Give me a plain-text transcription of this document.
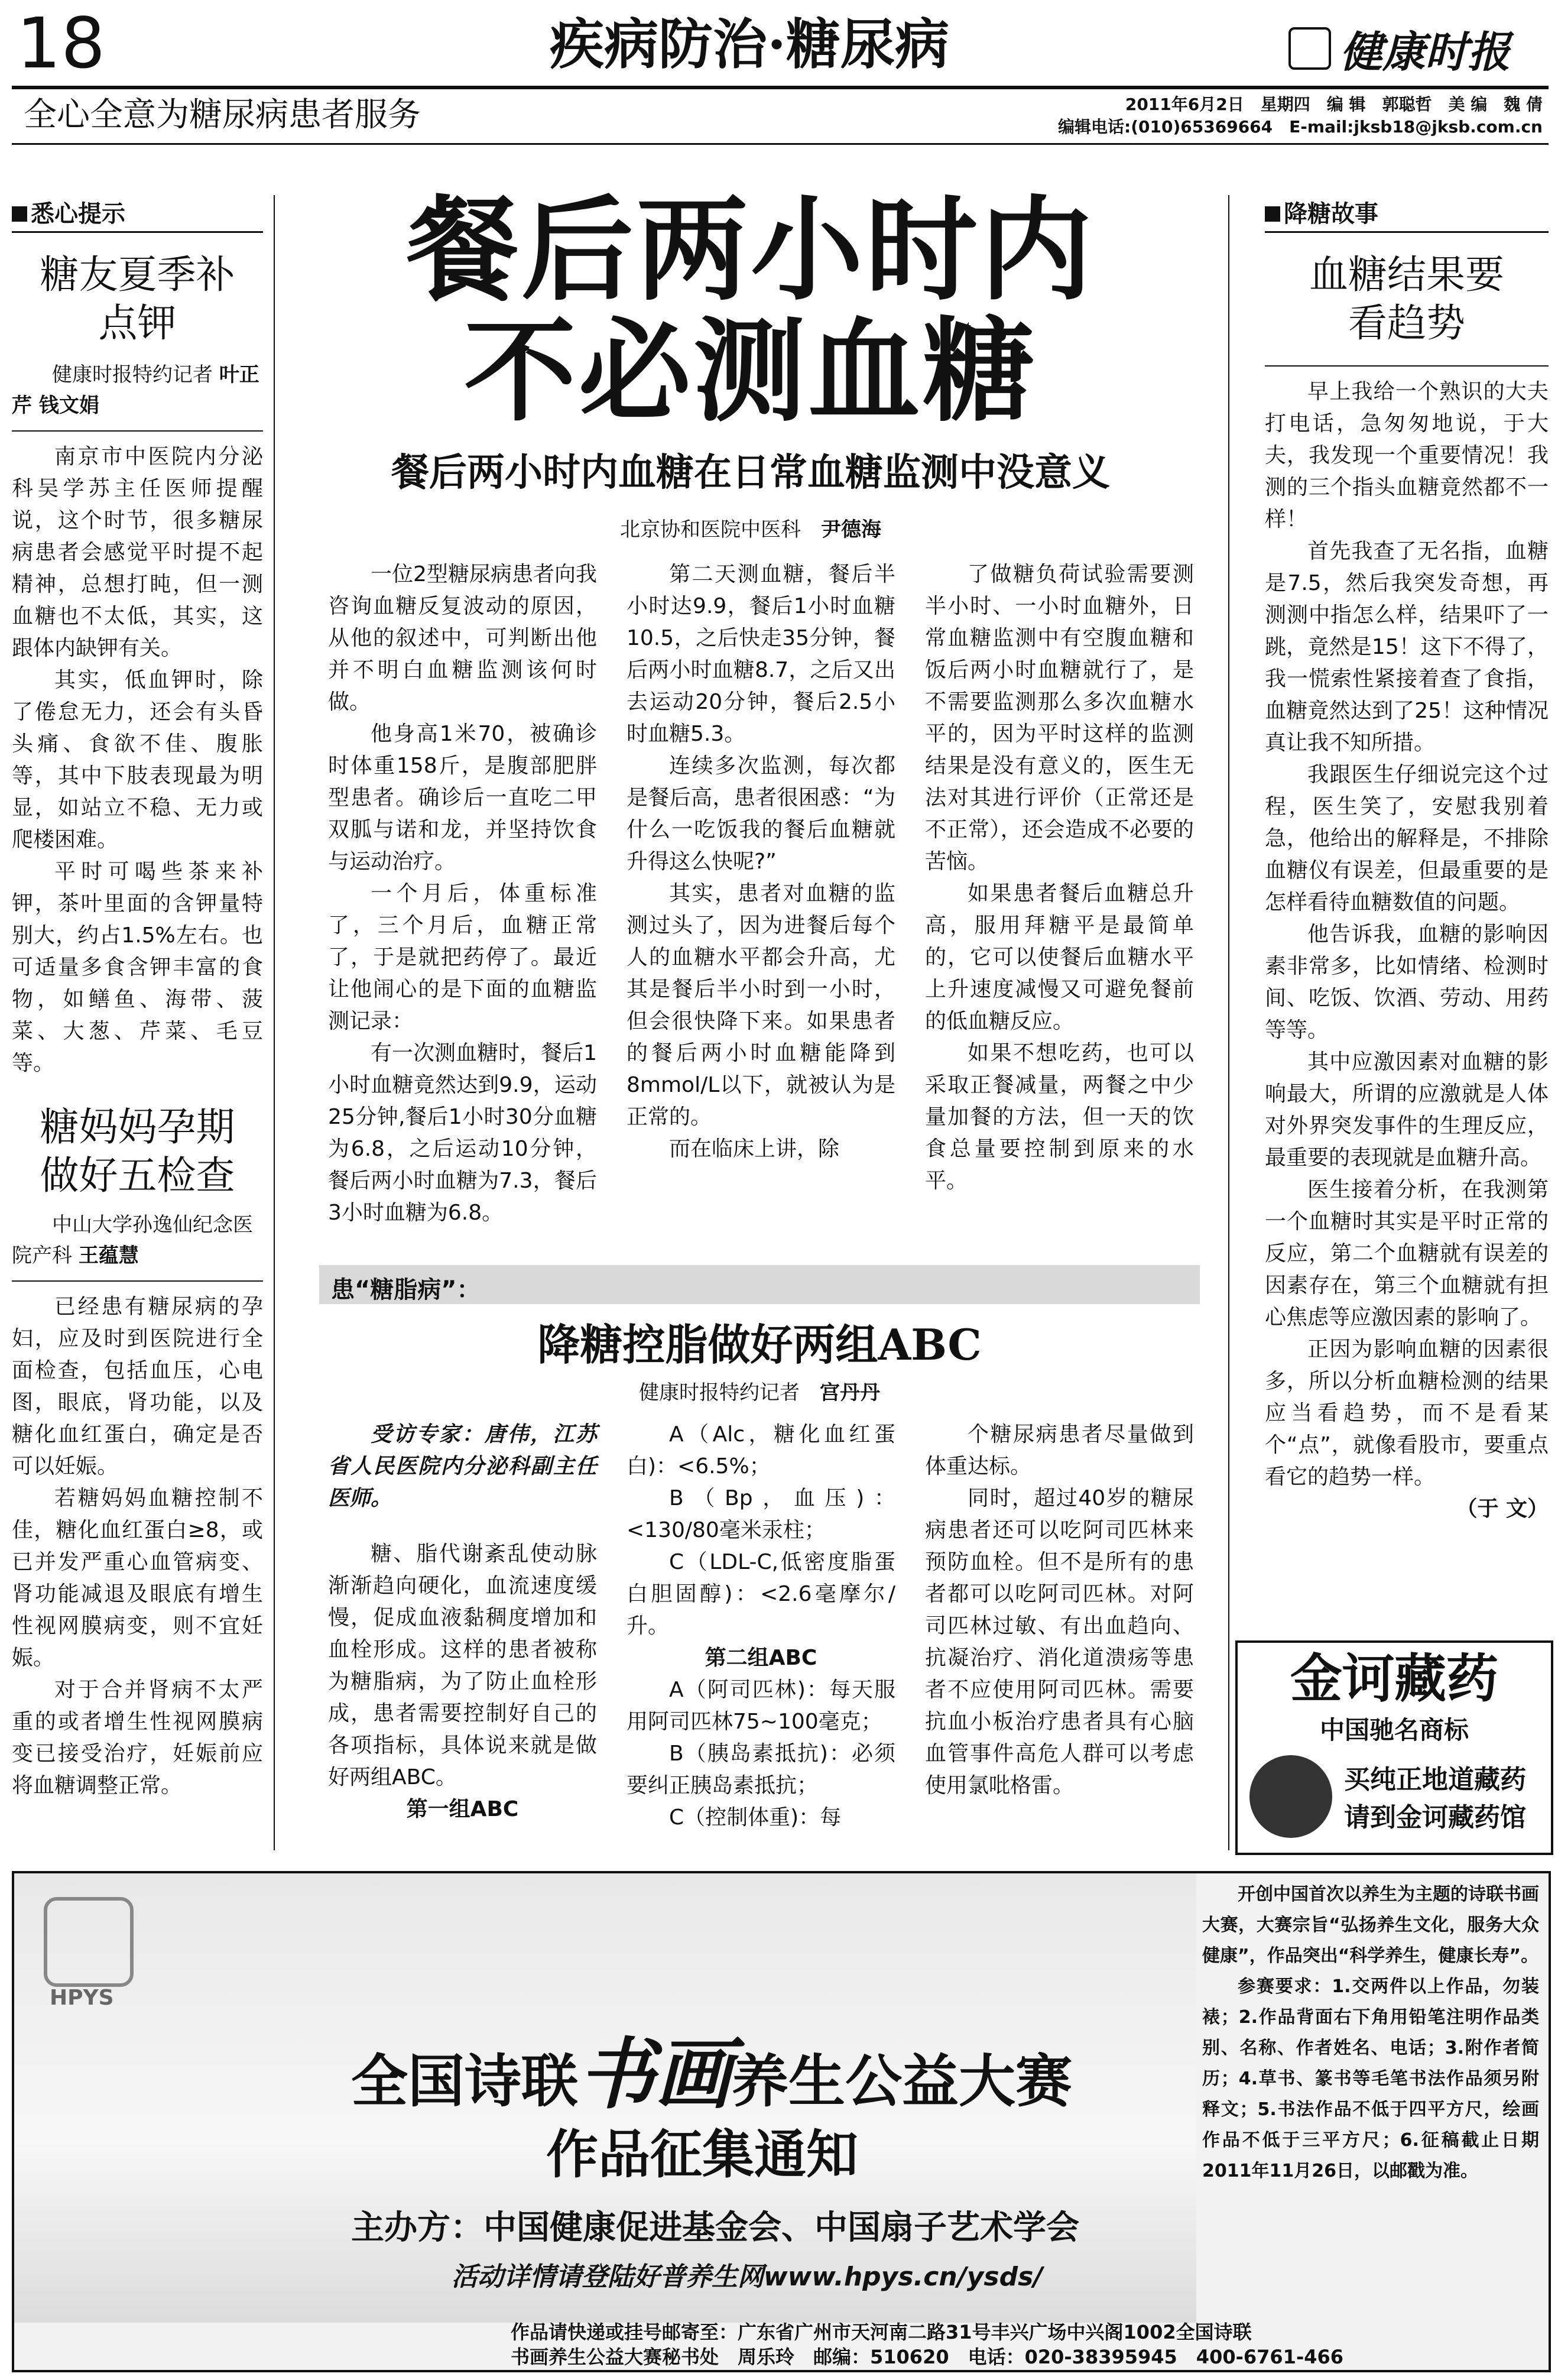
18	疾病防治·糖尿病	健康时报
全心全意为糖尿病患者服务	2011年6月2日　星期四　编 辑　郭聪哲　美 编　魏 倩
编辑电话:(010)65369664　E-mail:jksb18@jksb.com.cn
悉心提示
糖友夏季补点钾
健康时报特约记者 叶正芹 钱文娟

南京市中医院内分泌科吴学苏主任医师提醒说，这个时节，很多糖尿病患者会感觉平时提不起精神，总想打盹，但一测血糖也不太低，其实，这跟体内缺钾有关。

其实，低血钾时，除了倦怠无力，还会有头昏头痛、食欲不佳、腹胀等，其中下肢表现最为明显，如站立不稳、无力或爬楼困难。

平时可喝些茶来补钾，茶叶里面的含钾量特别大，约占1.5%左右。也可适量多食含钾丰富的食物，如鳝鱼、海带、菠菜、大葱、芹菜、毛豆等。

糖妈妈孕期做好五检查
中山大学孙逸仙纪念医院产科 王蕴慧

已经患有糖尿病的孕妇，应及时到医院进行全面检查，包括血压，心电图，眼底，肾功能，以及糖化血红蛋白，确定是否可以妊娠。

若糖妈妈血糖控制不佳，糖化血红蛋白≥8，或已并发严重心血管病变、肾功能减退及眼底有增生性视网膜病变，则不宜妊娠。

对于合并肾病不太严重的或者增生性视网膜病变已接受治疗，妊娠前应将血糖调整正常。

餐后两小时内
不必测血糖
餐后两小时内血糖在日常血糖监测中没意义
北京协和医院中医科　 尹德海

一位2型糖尿病患者向我咨询血糖反复波动的原因，从他的叙述中，可判断出他并不明白血糖监测该何时做。

他身高1米70，被确诊时体重158斤，是腹部肥胖型患者。确诊后一直吃二甲双胍与诺和龙，并坚持饮食与运动治疗。

一个月后，体重标准了，三个月后，血糖正常了，于是就把药停了。最近让他闹心的是下面的血糖监测记录：

有一次测血糖时，餐后1小时血糖竟然达到9.9，运动25分钟,餐后1小时30分血糖为6.8，之后运动10分钟，餐后两小时血糖为7.3，餐后3小时血糖为6.8。

第二天测血糖，餐后半小时达9.9，餐后1小时血糖10.5，之后快走35分钟，餐后两小时血糖8.7，之后又出去运动20分钟，餐后2.5小时血糖5.3。

连续多次监测，每次都是餐后高，患者很困惑：“为什么一吃饭我的餐后血糖就升得这么快呢?”

其实，患者对血糖的监测过头了，因为进餐后每个人的血糖水平都会升高，尤其是餐后半小时到一小时，但会很快降下来。如果患者的餐后两小时血糖能降到8mmol/L以下，就被认为是正常的。

而在临床上讲，除

了做糖负荷试验需要测半小时、一小时血糖外，日常血糖监测中有空腹血糖和饭后两小时血糖就行了，是不需要监测那么多次血糖水平的，因为平时这样的监测结果是没有意义的，医生无法对其进行评价（正常还是不正常），还会造成不必要的苦恼。

如果患者餐后血糖总升高，服用拜糖平是最简单的，它可以使餐后血糖水平上升速度减慢又可避免餐前的低血糖反应。

如果不想吃药，也可以采取正餐减量，两餐之中少量加餐的方法，但一天的饮食总量要控制到原来的水平。

患“糖脂病”：
降糖控脂做好两组ABC
健康时报特约记者　 宫丹丹
受访专家：唐伟，江苏省人民医院内分泌科副主任医师。

糖、脂代谢紊乱使动脉渐渐趋向硬化，血流速度缓慢，促成血液黏稠度增加和血栓形成。这样的患者被称为糖脂病，为了防止血栓形成，患者需要控制好自己的各项指标，具体说来就是做好两组ABC。

第一组ABC

A（Alc，糖化血红蛋白)：<6.5%；

B（Bp，血压)：<130/80毫米汞柱；

C（LDL-C,低密度脂蛋白胆固醇)：<2.6毫摩尔/升。

第二组ABC

A（阿司匹林)：每天服用阿司匹林75~100毫克；

B（胰岛素抵抗)：必须要纠正胰岛素抵抗；

C（控制体重)：每

个糖尿病患者尽量做到体重达标。

同时，超过40岁的糖尿病患者还可以吃阿司匹林来预防血栓。但不是所有的患者都可以吃阿司匹林。对阿司匹林过敏、有出血趋向、抗凝治疗、消化道溃疡等患者不应使用阿司匹林。需要抗血小板治疗患者具有心脑血管事件高危人群可以考虑使用氯吡格雷。

降糖故事
血糖结果要看趋势

早上我给一个熟识的大夫打电话，急匆匆地说，于大夫，我发现一个重要情况！我测的三个指头血糖竟然都不一样！

首先我查了无名指，血糖是7.5，然后我突发奇想，再测测中指怎么样，结果吓了一跳，竟然是15！这下不得了，我一慌索性紧接着查了食指，血糖竟然达到了25！这种情况真让我不知所措。

我跟医生仔细说完这个过程，医生笑了，安慰我别着急，他给出的解释是，不排除血糖仪有误差，但最重要的是怎样看待血糖数值的问题。

他告诉我，血糖的影响因素非常多，比如情绪、检测时间、吃饭、饮酒、劳动、用药等等。

其中应激因素对血糖的影响最大，所谓的应激就是人体对外界突发事件的生理反应，最重要的表现就是血糖升高。

医生接着分析，在我测第一个血糖时其实是平时正常的反应，第二个血糖就有误差的因素存在，第三个血糖就有担心焦虑等应激因素的影响了。

正因为影响血糖的因素很多，所以分析血糖检测的结果应当看趋势，而不是看某个“点”，就像看股市，要重点看它的趋势一样。

（于 文）
金诃藏药
中国驰名商标
买纯正地道藏药
请到金诃藏药馆
HPYS
全国诗联书画养生公益大赛
作品征集通知
主办方：中国健康促进基金会、中国扇子艺术学会
活动详情请登陆好普养生网www.hpys.cn/ysds/
开创中国首次以养生为主题的诗联书画大赛，大赛宗旨“弘扬养生文化，服务大众健康”，作品突出“科学养生，健康长寿”。
参赛要求：1.交两件以上作品，勿装裱；2.作品背面右下角用铅笔注明作品类别、名称、作者姓名、电话；3.附作者简历；4.草书、篆书等毛笔书法作品须另附释文；5.书法作品不低于四平方尺，绘画作品不低于三平方尺；6.征稿截止日期2011年11月26日，以邮戳为准。
作品请快递或挂号邮寄至：广东省广州市天河南二路31号丰兴广场中兴阁1002全国诗联
书画养生公益大赛秘书处　周乐玲　邮编：510620　电话：020-38395945　400-6761-466
